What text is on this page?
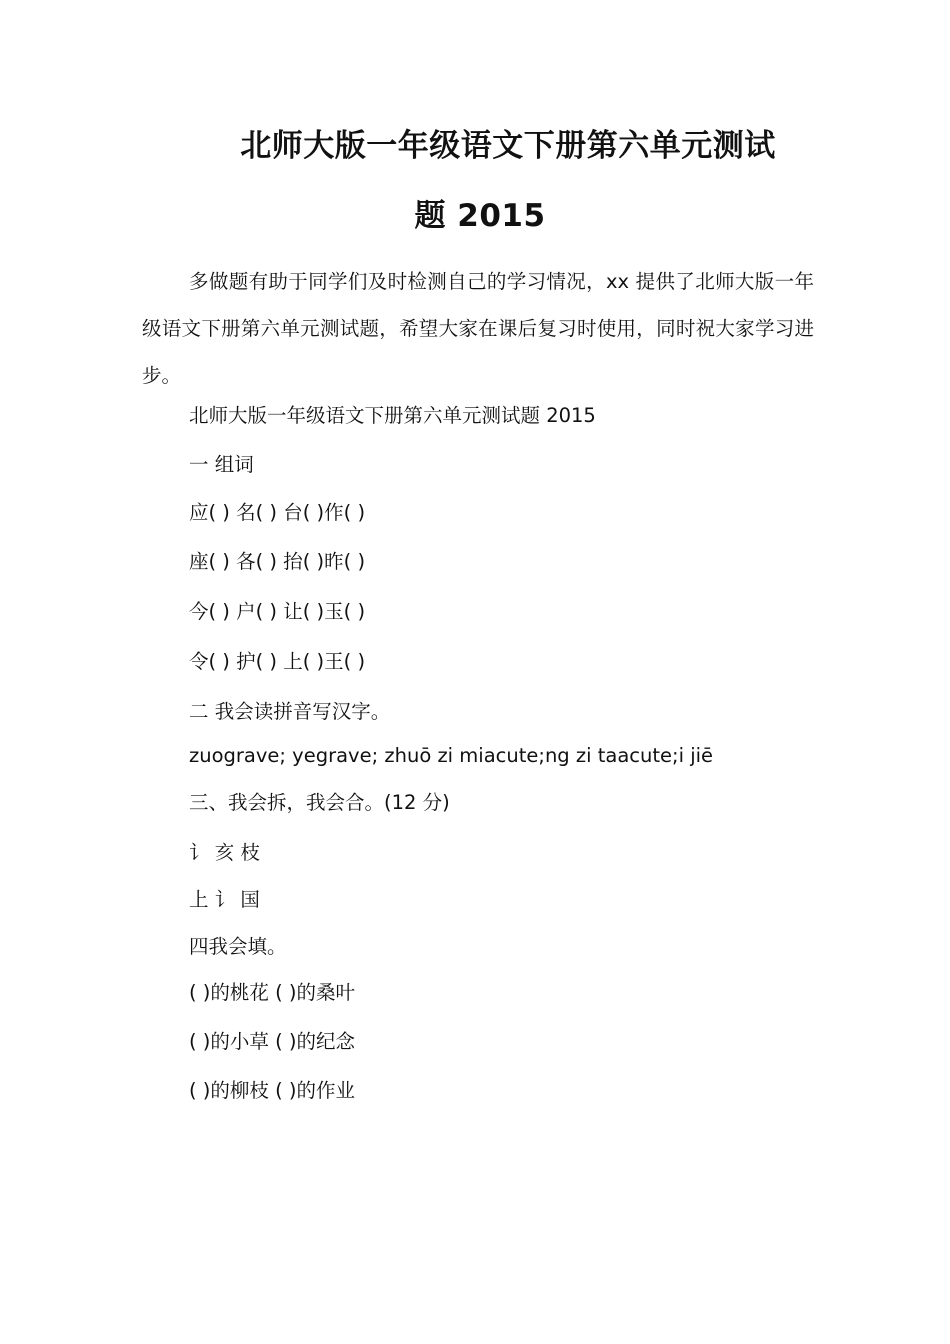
北师大版一年级语文下册第六单元测试
题 2015
多做题有助于同学们及时检测自己的学习情况，xx 提供了北师大版一年级语文下册第六单元测试题，希望大家在课后复习时使用，同时祝大家学习进步。
北师大版一年级语文下册第六单元测试题 2015
一 组词
应( ) 名( ) 台( )作( )
座( ) 各( ) 抬( )昨( )
今( ) 户( ) 让( )玉( )
令( ) 护( ) 上( )王( )
二 我会读拼音写汉字。
zuograve; yegrave; zhuō zi miacute;ng zi taacute;i jiē
三、我会拆，我会合。(12 分)
讠 亥 枝
上 讠 国
四我会填。
( )的桃花 ( )的桑叶
( )的小草 ( )的纪念
( )的柳枝 ( )的作业
